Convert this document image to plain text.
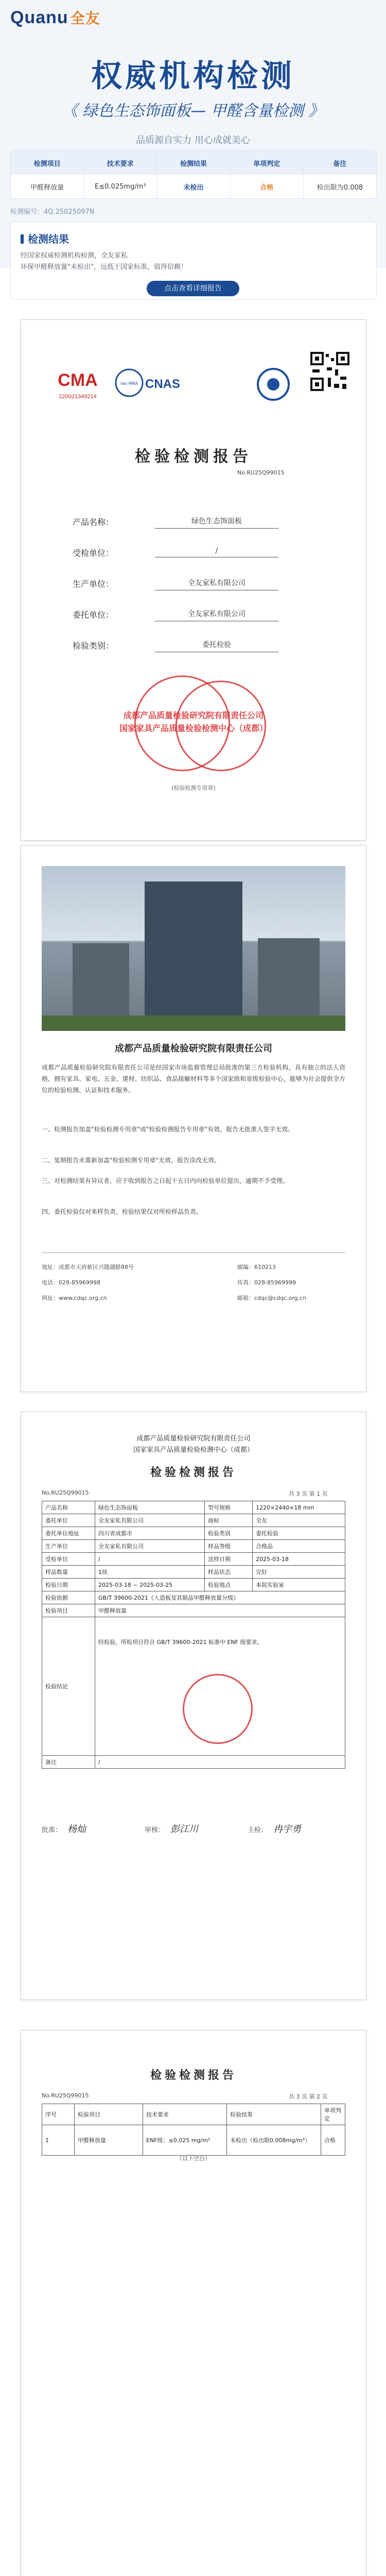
Quanu 全友
权威机构检测
《 绿色生态饰面板— 甲醛含量检测 》
品质源自实力 用心成就美心
检测项目	技术要求	检测结果	单项判定	备注
甲醛释放量	E≤0.025mg/m³	未检出	合格	检出限为0.008
检测编号：4Q.25025097N
检测结果
经国家权威检测机构检测，全友家私
环保甲醛释放量"未检出"，远低于国家标准，值得信赖！
点击查看详细报告
CMA
220021349214
ilac-MRA CNAS
检验检测报告
No.RU25Q99015
产品名称：	绿色生态饰面板
受检单位：	/
生产单位：	全友家私有限公司
委托单位：	全友家私有限公司
检验类别：	委托检验
成都产品质量检验研究院有限责任公司
国家家具产品质量检验检测中心（成都）
(检验检测专用章)
成都产品质量检验研究院有限责任公司
成都产品质量检验研究院有限责任公司是经国家市场监督管理总局批准的第三方检验机构，具有独立的法人资格，拥有家具、家电、五金、建材、纺织品、食品接触材料等多个国家级和省级检验中心，能够为社会提供全方位的检验检测、认证和技术服务。
一、检测报告加盖"检验检测专用章"或"检验检测报告专用章"有效，报告无批准人签字无效。
二、复制报告未重新加盖"检验检测专用章"无效，报告涂改无效。
三、对检测结果有异议者，应于收到报告之日起十五日内向检验单位提出，逾期不予受理。
四、委托检验仅对来样负责，检验结果仅对所检样品负责。
地址：成都市天府新区兴隆湖路88号	邮编：610213
电话：028-85969998	传真：028-85969999
网址：www.cdqc.org.cn	邮箱：cdqc@cdqc.org.cn
成都产品质量检验研究院有限责任公司
国家家具产品质量检验检测中心（成都）
检验检测报告
No.RU25Q99015	共 3 页 第 1 页
产品名称	绿色生态饰面板	型号规格	1220×2440×18 mm
委托单位	全友家私有限公司	商标	全友
委托单位地址	四川省成都市	检验类别	委托检验
生产单位	全友家私有限公司	样品等级	合格品
受检单位	/	送样日期	2025-03-18
样品数量	1块	样品状态	完好
检验日期	2025-03-18 ~ 2025-03-25	检验地点	本院实验室
检验依据	GB/T 39600-2021《人造板及其制品甲醛释放量分级》		
检验项目	甲醛释放量		
检验结论	经检验，所检项目符合 GB/T 39600-2021 标准中 ENF 级要求。		

备注	/		
批准： 杨灿	审核： 彭江川	主检： 冉宇勇
检验检测报告
No.RU25Q99015	共 3 页 第 2 页
序号	检验项目	技术要求	检验结果	单项判定
1	甲醛释放量	ENF级：≤0.025 mg/m³	未检出（检出限0.008mg/m³）	合格
（以下空白）
